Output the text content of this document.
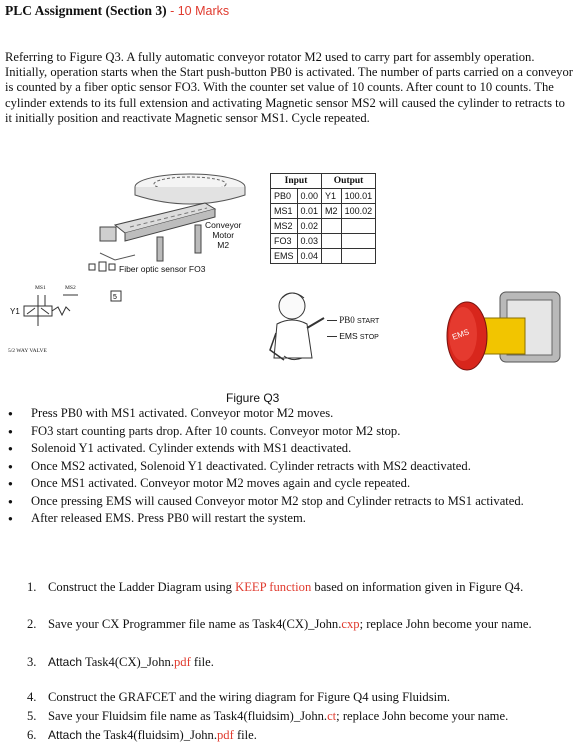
PLC Assignment (Section 3) - 10 Marks
Referring to Figure Q3. A fully automatic conveyor rotator M2 used to carry part for assembly operation. Initially, operation starts when the Start push-button PB0 is activated. The number of parts carried on a conveyor is counted by a fiber optic sensor FO3. With the counter set value of 10 counts. After count to 10 counts. The cylinder extends to its full extension and activating Magnetic sensor MS2 will caused the cylinder to retracts to it initially position and reactivate Magnetic sensor MS1. Cycle repeated.
Conveyor
Motor
M2
Fiber optic sensor FO3
5
Input		Output	
PB0	0.00	Y1	100.01
MS1	0.01	M2	100.02
MS2	0.02		
FO3	0.03		
EMS	0.04		
MS1	MS2
Y1
5/2 WAY VALVE
PB0 START
EMS STOP	EMS
Figure Q3
● Press PB0 with MS1 activated. Conveyor motor M2 moves.
● FO3 start counting parts drop. After 10 counts. Conveyor motor M2 stop.
● Solenoid Y1 activated. Cylinder extends with MS1 deactivated.
● Once MS2 activated, Solenoid Y1 deactivated. Cylinder retracts with MS2 deactivated.
● Once MS1 activated. Conveyor motor M2 moves again and cycle repeated.
● Once pressing EMS will caused Conveyor motor M2 stop and Cylinder retracts to MS1 activated.
● After released EMS. Press PB0 will restart the system.
1. Construct the Ladder Diagram using KEEP function based on information given in Figure Q4.
2. Save your CX Programmer file name as Task4(CX)_John.cxp; replace John become your name.
3. Attach Task4(CX)_John.pdf file.
4. Construct the GRAFCET and the wiring diagram for Figure Q4 using Fluidsim.
5. Save your Fluidsim file name as Task4(fluidsim)_John.ct; replace John become your name.
6. Attach the Task4(fluidsim)_John.pdf file.
